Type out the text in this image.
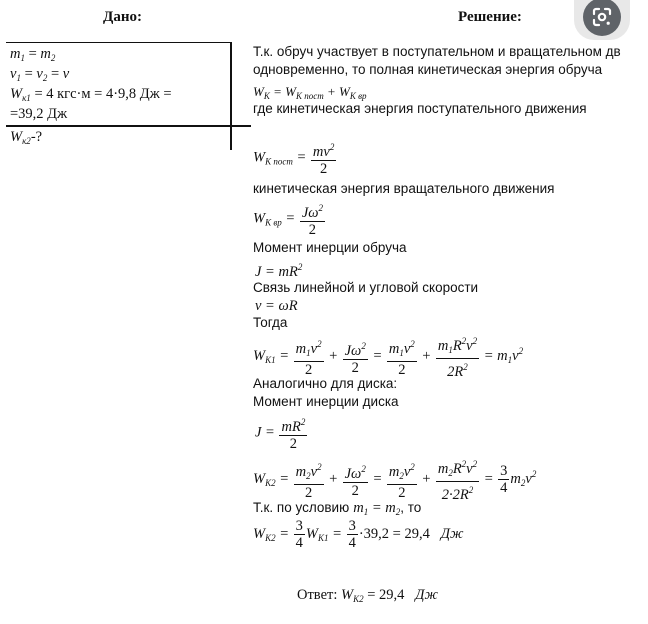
Дано:	Решение:
$m_1 = m_2$
$v_1 = v_2 = v$
$W_{к1} = 4$ кгс·м = 4·9,8 Дж =
=39,2 Дж
$W_{к2}-$?
Т.к. обруч участвует в поступательном и вращательном дв
одновременно, то полная кинетическая энергия обруча
$W_K = W_{K пост} + W_{K вр}$
где кинетическая энергия поступательного движения
$W_{K пост} = \frac{mv^2}{2}$
кинетическая энергия вращательного движения
$W_{K вр} = \frac{J\omega^2}{2}$
Момент инерции обруча
$J = mR^2$
Связь линейной и угловой скорости
v = ωR
Тогда
$W_{K1} = \frac{m_1v^2}{2} + \frac{J\omega^2}{2} = \frac{m_1v^2}{2} + \frac{m_1R^2v^2}{2R^2} = m_1v^2$
Аналогично для диска:
Момент инерции диска
$J = \frac{mR^2}{2}$
$W_{K2} = \frac{m_2v^2}{2} + \frac{J\omega^2}{2} = \frac{m_2v^2}{2} + \frac{m_2R^2v^2}{2\cdot 2R^2} = \frac{3}{4} m_2v^2$
Т.к. по условию $m_1 = m_2$, то
$W_{K2} = \frac{3}{4} W_{K1} = \frac{3}{4} \cdot 39,2 = 29,4$ Дж
Ответ: $W_{K2} = 29,4$ Дж
